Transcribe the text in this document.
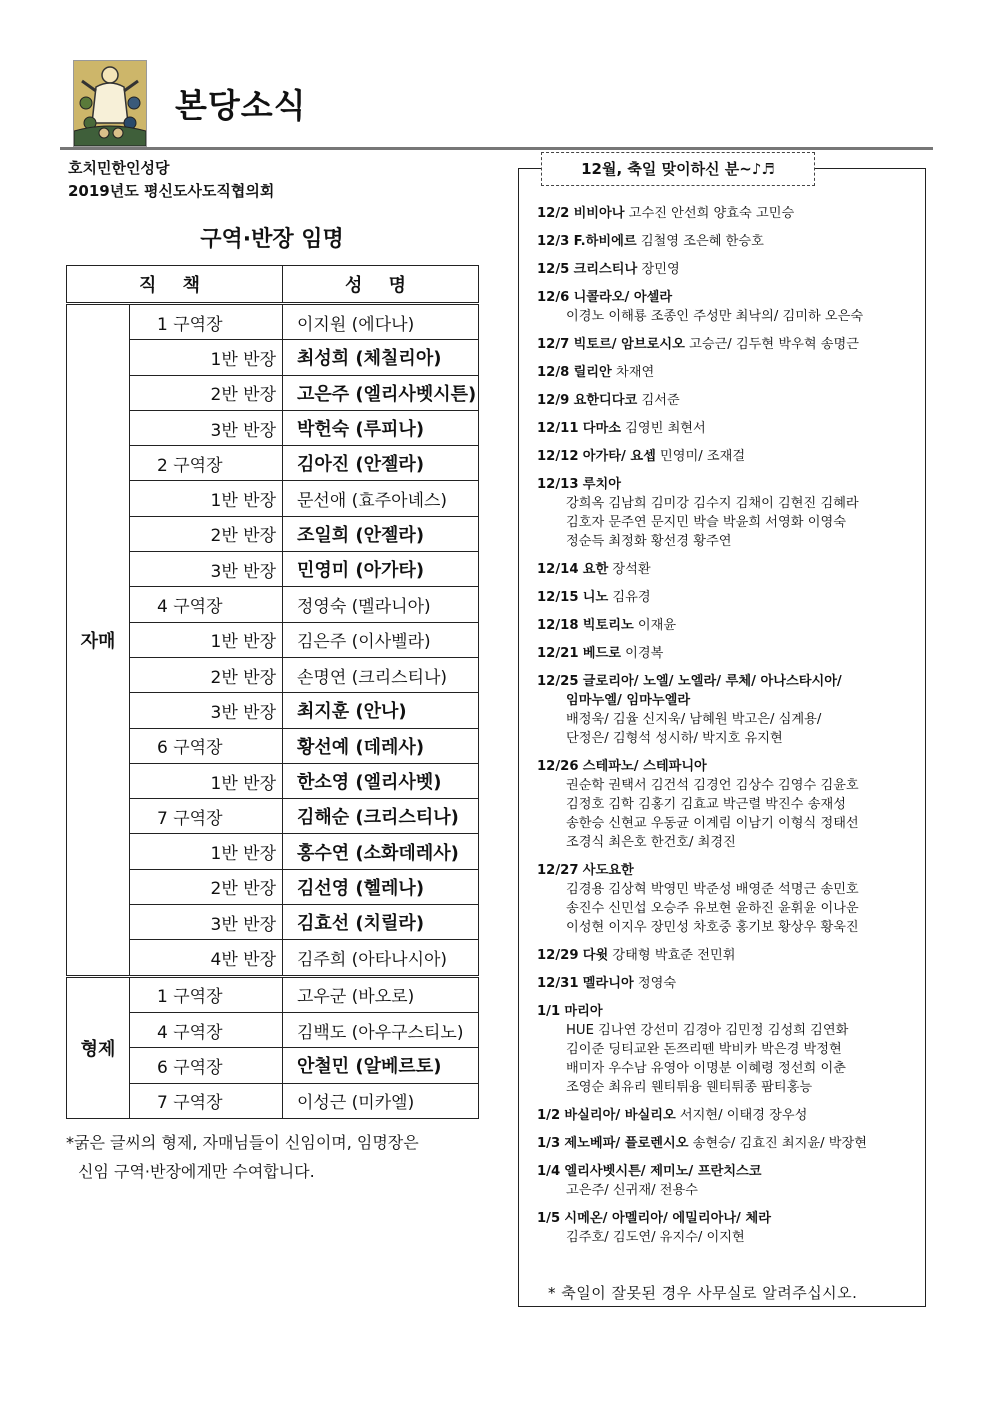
본당소식
호치민한인성당
2019년도 평신도사도직협의회
구역·반장 임명
직 책		성 명
자매	1 구역장	이지원 (에다나)
	1반 반장	최성희 (체칠리아)
	2반 반장	고은주 (엘리사벳시튼)
	3반 반장	박헌숙 (루피나)
	2 구역장	김아진 (안젤라)
	1반 반장	문선애 (효주아녜스)
	2반 반장	조일희 (안젤라)
	3반 반장	민영미 (아가타)
	4 구역장	정영숙 (멜라니아)
	1반 반장	김은주 (이사벨라)
	2반 반장	손명연 (크리스티나)
	3반 반장	최지훈 (안나)
	6 구역장	황선예 (데레사)
	1반 반장	한소영 (엘리사벳)
	7 구역장	김해순 (크리스티나)
	1반 반장	홍수연 (소화데레사)
	2반 반장	김선영 (헬레나)
	3반 반장	김효선 (치릴라)
	4반 반장	김주희 (아타나시아)
형제	1 구역장	고우군 (바오로)
	4 구역장	김백도 (아우구스티노)
	6 구역장	안철민 (알베르토)
	7 구역장	이성근 (미카엘)
*굵은 글씨의 형제, 자매님들이 신임이며, 임명장은
신임 구역·반장에게만 수여합니다.
12월, 축일 맞이하신 분~♪♬
12/2 비비아나 고수진 안선희 양효숙 고민승
12/3 F.하비에르 김철영 조은혜 한승호
12/5 크리스티나 장민영
12/6 니콜라오/ 아셀라
이경노 이해룡 조종인 주성만 최낙의/ 김미하 오은숙
12/7 빅토르/ 암브로시오 고승근/ 김두현 박우혁 송명근
12/8 릴리안 차재연
12/9 요한디다코 김서준
12/11 다마소 김영빈 최현서
12/12 아가타/ 요셉 민영미/ 조재걸
12/13 루치아
강희옥 김남희 김미강 김수지 김채이 김현진 김혜라
김호자 문주연 문지민 박슬 박윤희 서영화 이영숙
정순득 최정화 황선경 황주연
12/14 요한 장석환
12/15 니노 김유경
12/18 빅토리노 이재윤
12/21 베드로 이경복
12/25 글로리아/ 노엘/ 노엘라/ 루체/ 아나스타시아/
임마누엘/ 임마누엘라
배정욱/ 김율 신지욱/ 남혜원 박고은/ 심계용/
단정은/ 김형석 성시하/ 박지호 유지현
12/26 스테파노/ 스테파니아
권순학 권택서 김건석 김경언 김상수 김영수 김윤호
김정호 김학 김홍기 김효교 박근렬 박진수 송재성
송한승 신현교 우동균 이계림 이남기 이형식 정태선
조경식 최은호 한건호/ 최경진
12/27 사도요한
김경용 김상혁 박영민 박준성 배영준 석명근 송민호
송진수 신민섭 오승주 유보현 윤하진 윤휘윤 이나운
이성현 이지우 장민성 차호중 홍기보 황상우 황욱진
12/29 다윗 강태형 박효준 전민휘
12/31 멜라니아 정영숙
1/1 마리아
HUE 김나연 강선미 김경아 김민정 김성희 김연화
김이준 딩티교완 돈쯔리뗀 박비카 박은경 박정현
배미자 우수남 유영아 이명분 이혜령 정선희 이춘
조영순 최유리 웬티튀융 웬티튀종 팜티홍능
1/2 바실리아/ 바실리오 서지현/ 이태경 장우성
1/3 제노베파/ 플로렌시오 송현승/ 김효진 최지윤/ 박장현
1/4 엘리사벳시튼/ 제미노/ 프란치스코
고은주/ 신귀재/ 전용수
1/5 시메온/ 아멜리아/ 에밀리아나/ 체라
김주호/ 김도연/ 유지수/ 이지현
* 축일이 잘못된 경우 사무실로 알려주십시오.
